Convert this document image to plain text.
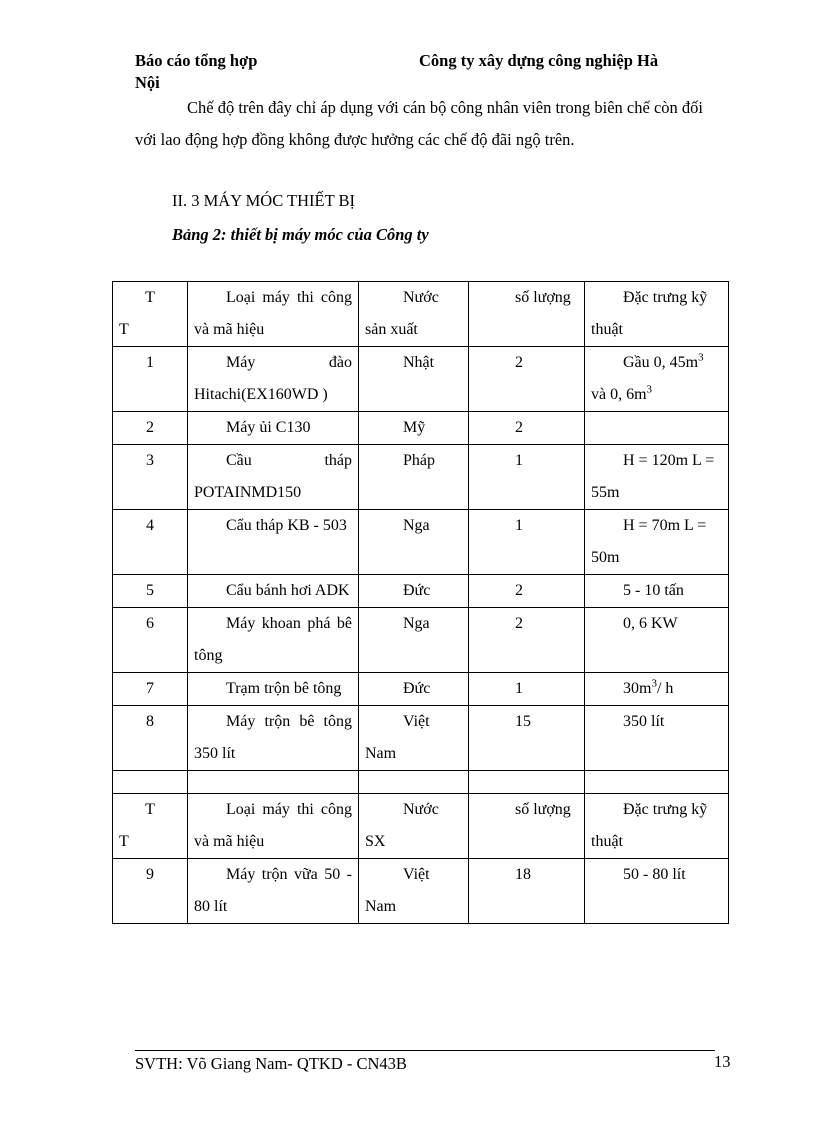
Báo cáo tổng hợp	Công ty xây dựng công nghiệp Hà
Nội
Chế độ trên đây chỉ áp dụng với cán bộ công nhân viên trong biên chế còn đối với lao động hợp đồng không được hưởng các chế độ đãi ngộ trên.
II. 3 MÁY MÓC THIẾT BỊ
Bảng 2: thiết bị máy móc của Công ty
T
T	Loại máy thi công và mã hiệu	Nước sản xuất	số lượng	Đặc trưng kỹ thuật
1	Máy đào Hitachi(EX160WD )	Nhật	2	Gầu 0, $45m^3$ và 0, $6m^3$
2	Máy ủi C130	Mỹ	2	
3	Cầu tháp POTAINMD150	Pháp	1	H = 120m L = 55m
4	Cẩu tháp KB - 503	Nga	1	H = 70m L = 50m
5	Cẩu bánh hơi ADK	Đức	2	5 - 10 tấn
6	Máy khoan phá bê tông	Nga	2	0, 6 KW
7	Trạm trộn bê tông	Đức	1	$30m^3/$ h
8	Máy trộn bê tông 350 lít	Việt Nam	15	350 lít

T
T	Loại máy thi công và mã hiệu	Nước SX	số lượng	Đặc trưng kỹ thuật
9	Máy trộn vữa 50 - 80 lít	Việt Nam	18	50 - 80 lít
SVTH: Võ Giang Nam- QTKD - CN43B	13
